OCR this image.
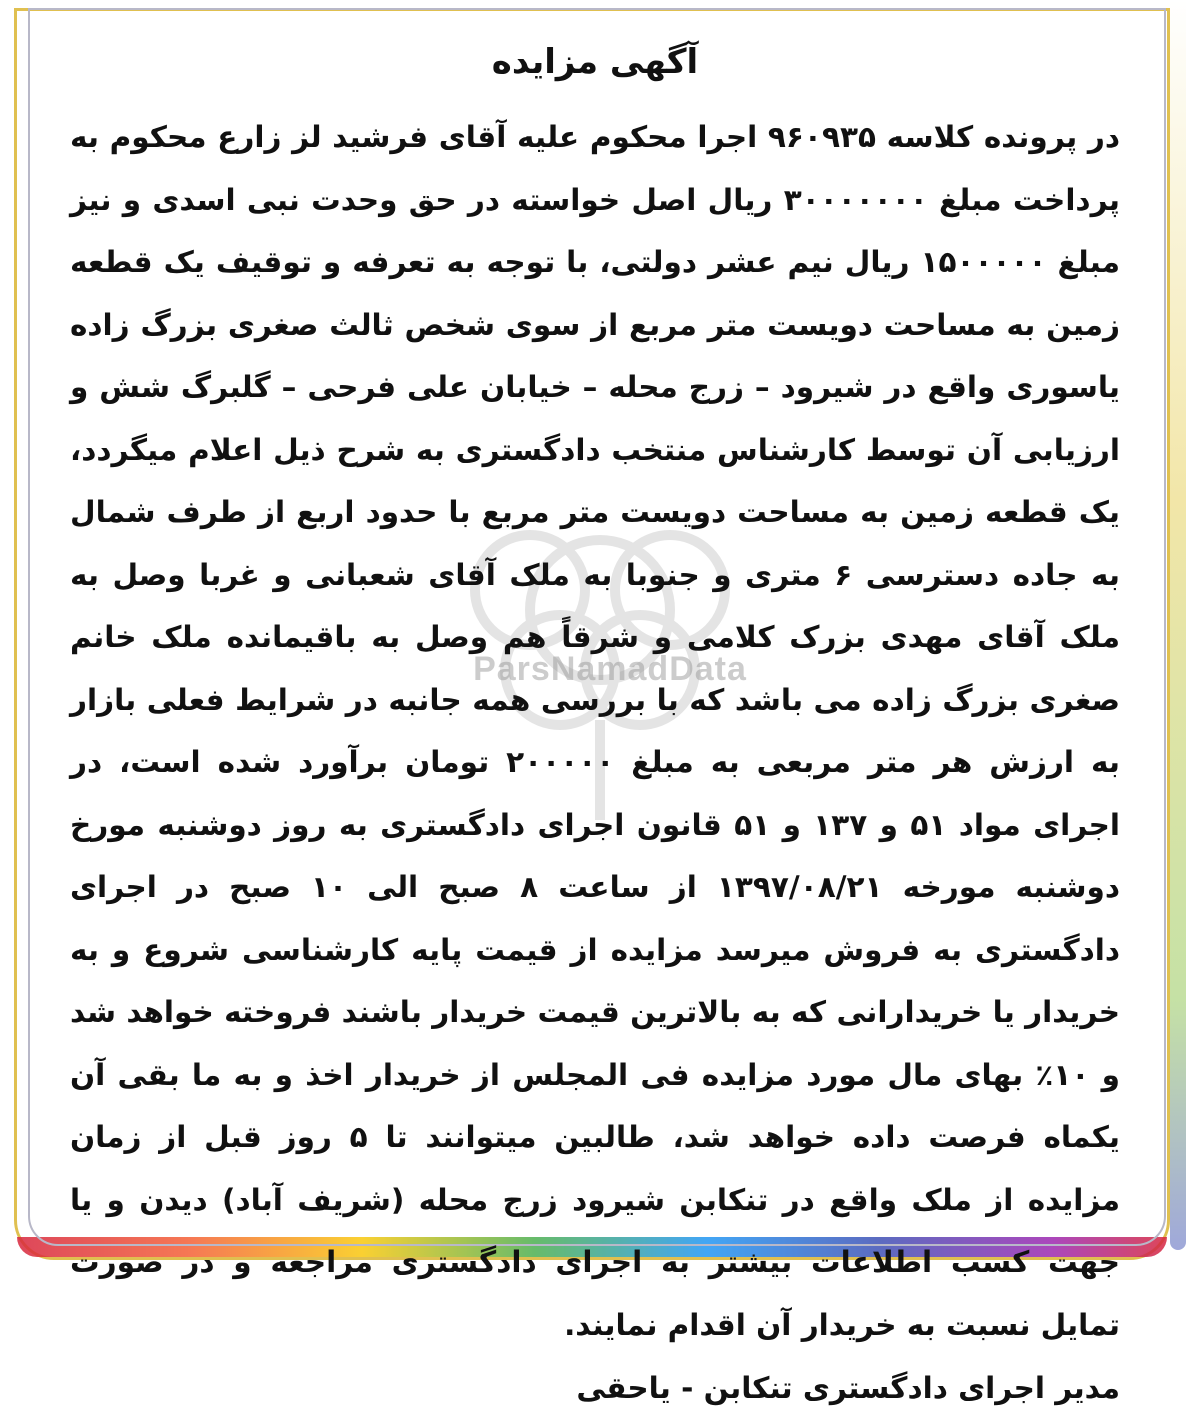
ParsNamadData
آگهی مزایده
در پرونده کلاسه ۹۶۰۹۳۵ اجرا محکوم علیه آقای فرشید لز زارع محکوم به پرداخت مبلغ ۳۰۰۰۰۰۰۰ ریال اصل خواسته در حق وحدت نبی اسدی و نیز مبلغ ۱۵۰۰۰۰۰ ریال نیم عشر دولتی، با توجه به تعرفه و توقیف یک قطعه زمین به مساحت دویست متر مربع از سوی شخص ثالث صغری بزرگ زاده یاسوری واقع در شیرود – زرج محله – خیابان علی فرحی – گلبرگ شش و ارزیابی آن توسط کارشناس منتخب دادگستری به شرح ذیل اعلام میگردد، یک قطعه زمین به مساحت دویست متر مربع با حدود اربع از طرف شمال به جاده دسترسی ۶ متری و جنوبا به ملک آقای شعبانی و غربا وصل به ملک آقای مهدی بزرک کلامی و شرقاً هم وصل به باقیمانده ملک خانم صغری بزرگ زاده می باشد که با بررسی همه جانبه در شرایط فعلی بازار به ارزش هر متر مربعی به مبلغ ۲۰۰۰۰۰ تومان برآورد شده است، در اجرای مواد ۵۱ و ۱۳۷ و ۵۱ قانون اجرای دادگستری به روز دوشنبه مورخ دوشنبه مورخه ۱۳۹۷/۰۸/۲۱ از ساعت ۸ صبح الی ۱۰ صبح در اجرای دادگستری به فروش میرسد مزایده از قیمت پایه کارشناسی شروع و به خریدار یا خریدارانی که به بالاترین قیمت خریدار باشند فروخته خواهد شد و ۱۰٪ بهای مال مورد مزایده فی المجلس از خریدار اخذ و به ما بقی آن یکماه فرصت داده خواهد شد، طالبین میتوانند تا ۵ روز قبل از زمان مزایده از ملک واقع در تنکابن شیرود زرج محله (شریف آباد) دیدن و یا جهت کسب اطلاعات بیشتر به اجرای دادگستری مراجعه و در صورت تمایل نسبت به خریدار آن اقدام نمایند.
مدیر اجرای دادگستری تنکابن - یاحقی
